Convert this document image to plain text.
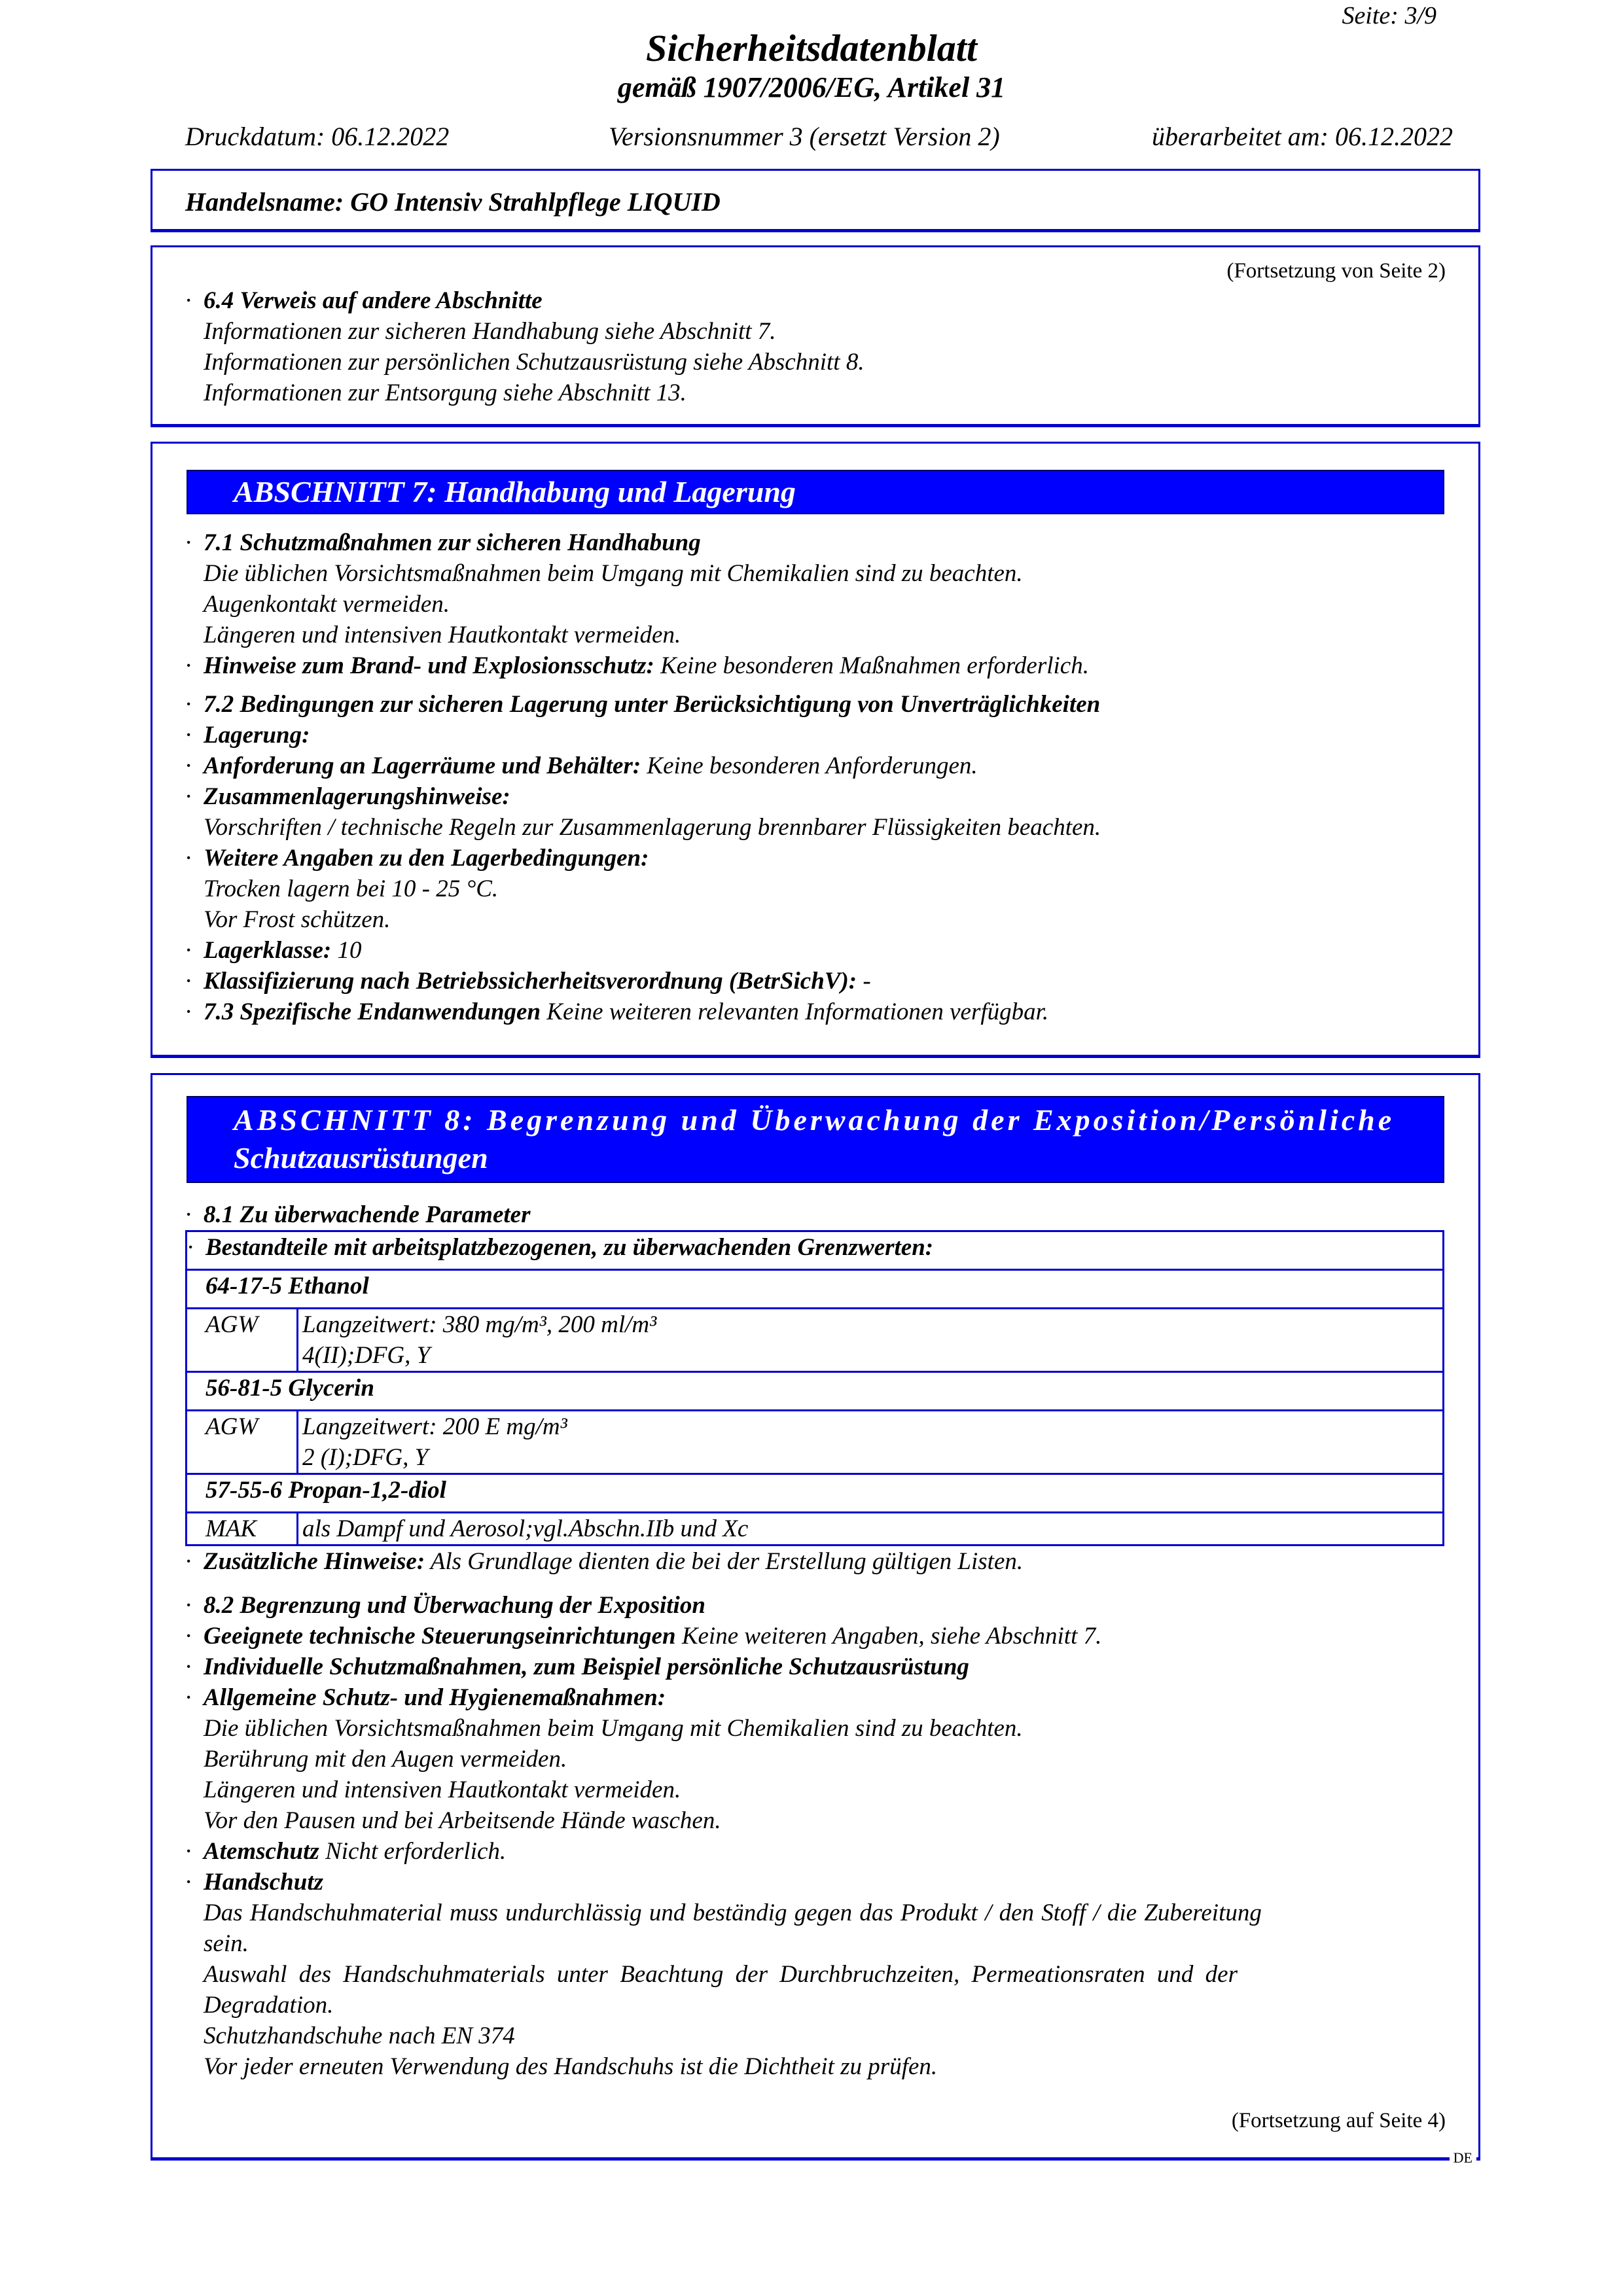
Seite: 3/9
Sicherheitsdatenblatt
gemäß 1907/2006/EG, Artikel 31
Druckdatum: 06.12.2022	Versionsnummer 3 (ersetzt Version 2)	überarbeitet am: 06.12.2022
Handelsname: GO Intensiv Strahlpflege LIQUID
(Fortsetzung von Seite 2)
· 6.4 Verweis auf andere Abschnitte
Informationen zur sicheren Handhabung siehe Abschnitt 7.
Informationen zur persönlichen Schutzausrüstung siehe Abschnitt 8.
Informationen zur Entsorgung siehe Abschnitt 13.
ABSCHNITT 7: Handhabung und Lagerung
· 7.1 Schutzmaßnahmen zur sicheren Handhabung
Die üblichen Vorsichtsmaßnahmen beim Umgang mit Chemikalien sind zu beachten.
Augenkontakt vermeiden.
Längeren und intensiven Hautkontakt vermeiden.
· Hinweise zum Brand- und Explosionsschutz: Keine besonderen Maßnahmen erforderlich.
· 7.2 Bedingungen zur sicheren Lagerung unter Berücksichtigung von Unverträglichkeiten
· Lagerung:
· Anforderung an Lagerräume und Behälter: Keine besonderen Anforderungen.
· Zusammenlagerungshinweise:
Vorschriften / technische Regeln zur Zusammenlagerung brennbarer Flüssigkeiten beachten.
· Weitere Angaben zu den Lagerbedingungen:
Trocken lagern bei 10 - 25 °C.
Vor Frost schützen.
· Lagerklasse: 10
· Klassifizierung nach Betriebssicherheitsverordnung (BetrSichV): -
· 7.3 Spezifische Endanwendungen Keine weiteren relevanten Informationen verfügbar.
ABSCHNITT 8: Begrenzung und Überwachung der Exposition/Persönliche
Schutzausrüstungen
· 8.1 Zu überwachende Parameter
· Bestandteile mit arbeitsplatzbezogenen, zu überwachenden Grenzwerten:	
64-17-5 Ethanol	
AGW	Langzeitwert: 380 mg/m³, 200 ml/m³
4(II);DFG, Y

56-81-5 Glycerin	
AGW	Langzeitwert: 200 E mg/m³
2 (I);DFG, Y

57-55-6 Propan-1,2-diol	
MAK	als Dampf und Aerosol;vgl.Abschn.IIb und Xc
· Zusätzliche Hinweise: Als Grundlage dienten die bei der Erstellung gültigen Listen.
· 8.2 Begrenzung und Überwachung der Exposition
· Geeignete technische Steuerungseinrichtungen Keine weiteren Angaben, siehe Abschnitt 7.
· Individuelle Schutzmaßnahmen, zum Beispiel persönliche Schutzausrüstung
· Allgemeine Schutz- und Hygienemaßnahmen:
Die üblichen Vorsichtsmaßnahmen beim Umgang mit Chemikalien sind zu beachten.
Berührung mit den Augen vermeiden.
Längeren und intensiven Hautkontakt vermeiden.
Vor den Pausen und bei Arbeitsende Hände waschen.
· Atemschutz Nicht erforderlich.
· Handschutz
Das Handschuhmaterial muss undurchlässig und beständig gegen das Produkt / den Stoff / die Zubereitung
sein.
Auswahl des Handschuhmaterials unter Beachtung der Durchbruchzeiten, Permeationsraten und der
Degradation.
Schutzhandschuhe nach EN 374
Vor jeder erneuten Verwendung des Handschuhs ist die Dichtheit zu prüfen.
(Fortsetzung auf Seite 4)
DE
